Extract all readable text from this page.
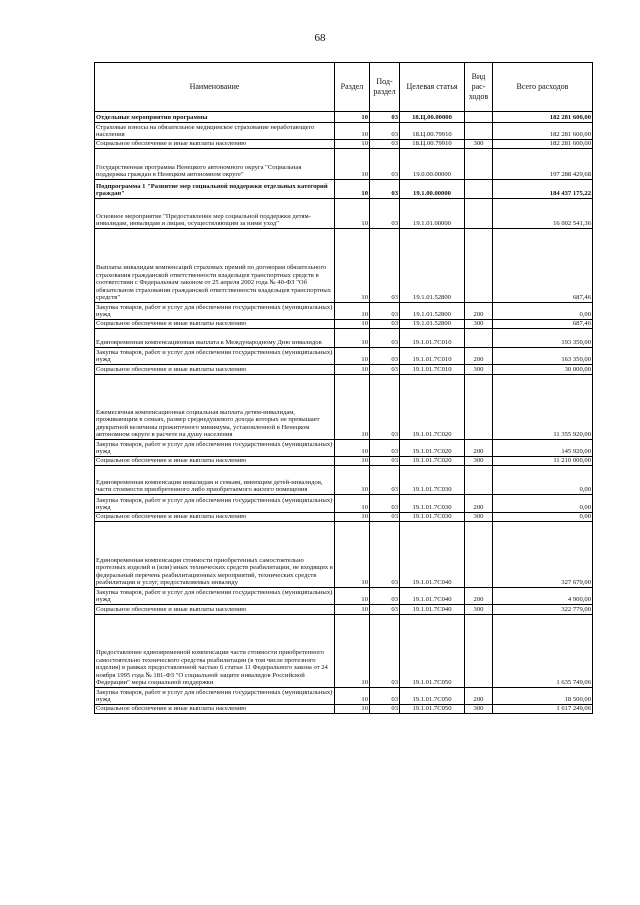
68
Наименование	Раздел	Под-раздел	Целевая статья	Вид рас-ходов	Всего расходов
Отдельные мероприятия программы	10	03	18.Ц.00.00000		182 281 600,00
Страховые взносы на обязательное медицинское страхование неработающего населения	10	03	18.Ц.00.79910		182 281 600,00
Социальное обеспечение и иные выплаты населению	10	03	18.Ц.00.79910	300	182 281 600,00
Государственная программа Ненецкого автономного округа "Социальная поддержка граждан в Ненецком автономном округе"	10	03	19.0.00.00000		197 288 429,68
Подпрограмма 1 "Развитие мер социальной поддержки отдельных категорий граждан"	10	03	19.1.00.00000		184 437 175,22
Основное мероприятие "Предоставление мер социальной поддержки детям-инвалидам, инвалидам и лицам, осуществляющим за ними уход"	10	03	19.1.01.00000		16 002 541,36
Выплаты инвалидам компенсаций страховых премий по договорам обязательного страхования гражданской ответственности владельцев транспортных средств в соответствии с Федеральным законом от 25 апреля 2002 года № 40-ФЗ "Об обязательном страховании гражданской ответственности владельцев транспортных средств"	10	03	19.1.01.52800		687,46
Закупка товаров, работ и услуг для обеспечения государственных (муниципальных) нужд	10	03	19.1.01.52800	200	0,00
Социальное обеспечение и иные выплаты населению	10	03	19.1.01.52800	300	687,46
Единовременная компенсационная выплата к Международному Дню инвалидов	10	03	19.1.01.7С010		193 350,00
Закупка товаров, работ и услуг для обеспечения государственных (муниципальных) нужд	10	03	19.1.01.7С010	200	163 350,00
Социальное обеспечение и иные выплаты населению	10	03	19.1.01.7С010	300	30 000,00
Ежемесячная компенсационная социальная выплата детям-инвалидам, проживающим в семьях, размер среднедушевого дохода которых не превышает двукратной величины прожиточного минимума, установленной в Ненецком автономном округе в расчете на душу населения	10	03	19.1.01.7С020		11 355 920,00
Закупка товаров, работ и услуг для обеспечения государственных (муниципальных) нужд	10	03	19.1.01.7С020	200	145 920,00
Социальное обеспечение и иные выплаты населению	10	03	19.1.01.7С020	300	11 210 000,00
Единовременная компенсация инвалидам и семьям, имеющим детей-инвалидов, части стоимости приобретенного либо приобретаемого жилого помещения	10	03	19.1.01.7С030		0,00
Закупка товаров, работ и услуг для обеспечения государственных (муниципальных) нужд	10	03	19.1.01.7С030	200	0,00
Социальное обеспечение и иные выплаты населению	10	03	19.1.01.7С030	300	0,00
Единовременная компенсация стоимости приобретенных самостоятельно протезных изделий и (или) иных технических средств реабилитации, не входящих в федеральный перечень реабилитационных мероприятий, технических средств реабилитации и услуг, предоставляемых инвалиду	10	03	19.1.01.7С040		327 679,00
Закупка товаров, работ и услуг для обеспечения государственных (муниципальных) нужд	10	03	19.1.01.7С040	200	4 900,00
Социальное обеспечение и иные выплаты населению	10	03	19.1.01.7С040	300	322 779,00
Предоставление единовременной компенсации части стоимости приобретенного самостоятельно технического средства реабилитации (в том числе протезного изделия) в рамках предоставленной частью 6 статьи 11 Федерального закона от 24 ноября 1995 года № 181-ФЗ "О социальной защите инвалидов Российской Федерации" меры социальной поддержки	10	03	19.1.01.7С050		1 635 749,06
Закупка товаров, работ и услуг для обеспечения государственных (муниципальных) нужд	10	03	19.1.01.7С050	200	18 500,00
Социальное обеспечение и иные выплаты населению	10	03	19.1.01.7С050	300	1 617 249,06
